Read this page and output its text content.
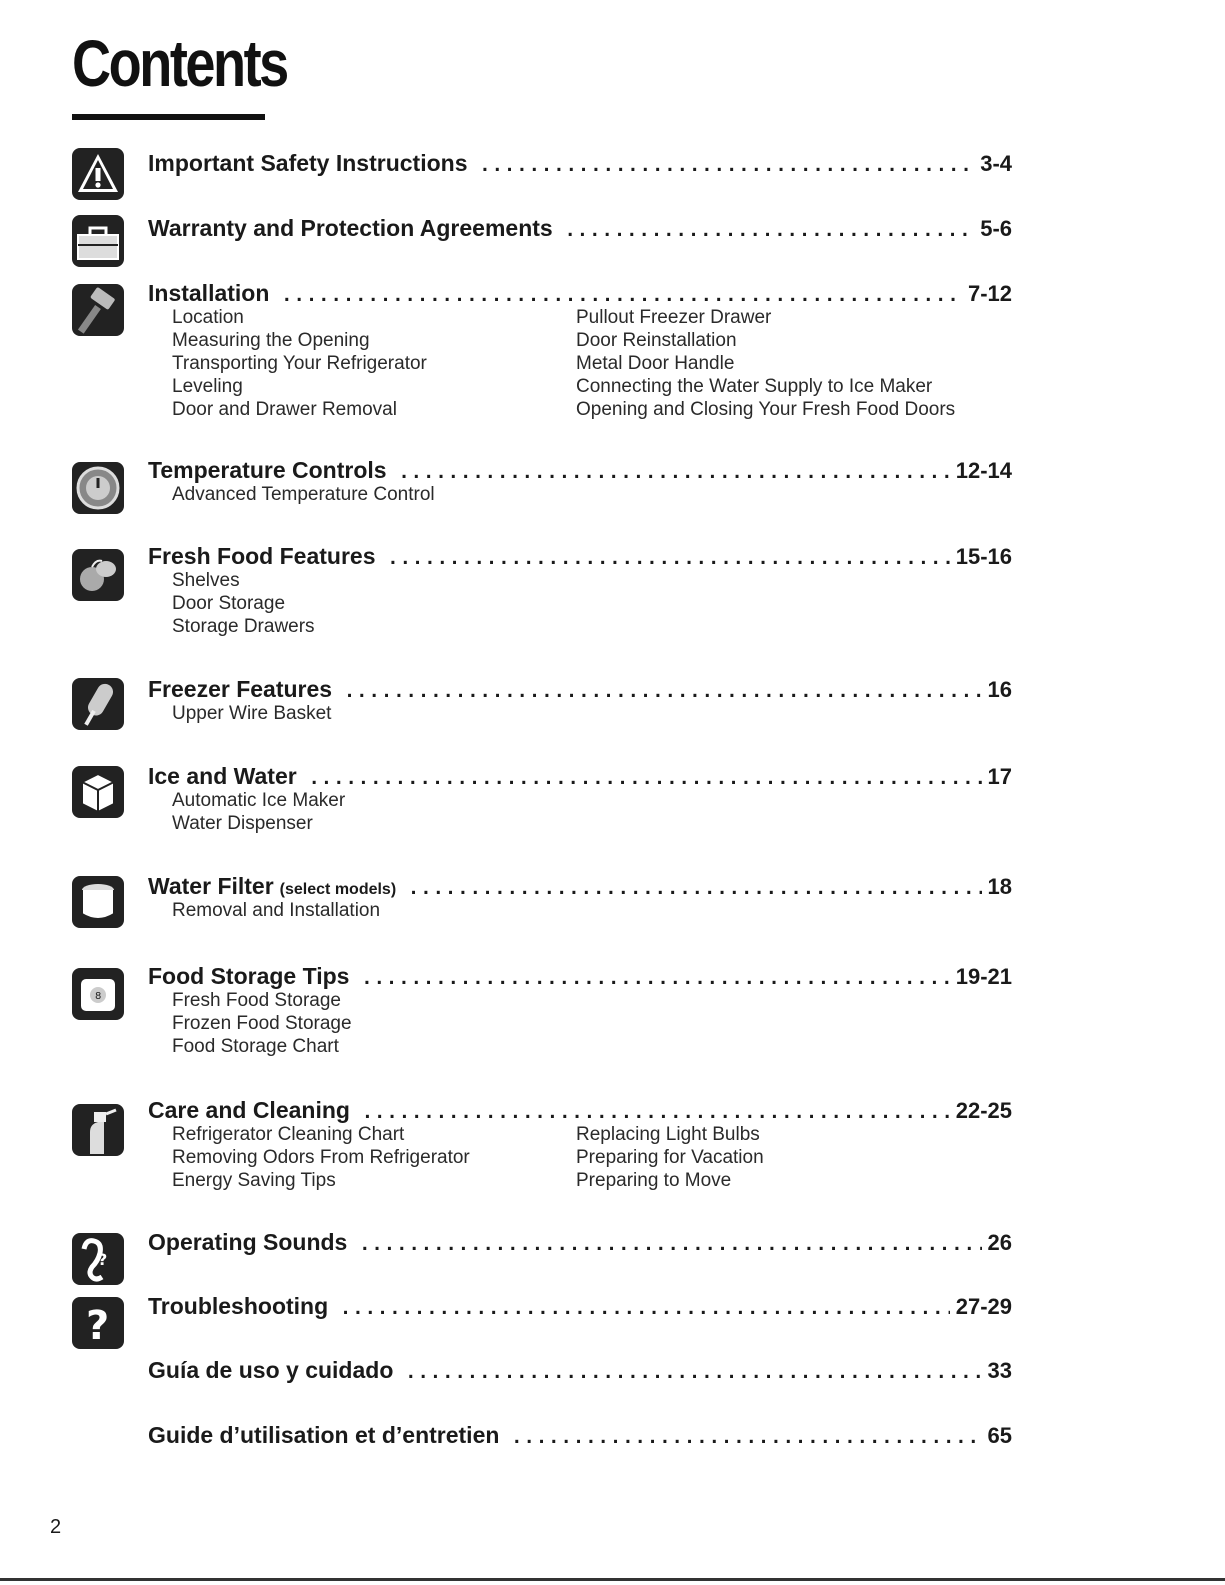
Contents
Important Safety Instructions .....	3-4
Warranty and Protection Agreements .....	5-6
Installation .....	7-12
Location	Pullout Freezer Drawer
Measuring the Opening	Door Reinstallation
Transporting Your Refrigerator	Metal Door Handle
Leveling	Connecting the Water Supply to Ice Maker
Door and Drawer Removal	Opening and Closing Your Fresh Food Doors
Temperature Controls .....	12-14
Advanced Temperature Control
Fresh Food Features .....	15-16
Shelves
Door Storage
Storage Drawers
Freezer Features .....	16
Upper Wire Basket
Ice and Water .....	17
Automatic Ice Maker
Water Dispenser
Water Filter (select models) .....	18
Removal and Installation
8
Food Storage Tips .....	19-21
Fresh Food Storage
Frozen Food Storage
Food Storage Chart
Care and Cleaning .....	22-25
Refrigerator Cleaning Chart	Replacing Light Bulbs
Removing Odors From Refrigerator	Preparing for Vacation
Energy Saving Tips	Preparing to Move
?
Operating Sounds .....	26
? Troubleshooting .....	27-29
Guía de uso y cuidado .....	33
Guide d’utilisation et d’entretien .....	65
2
